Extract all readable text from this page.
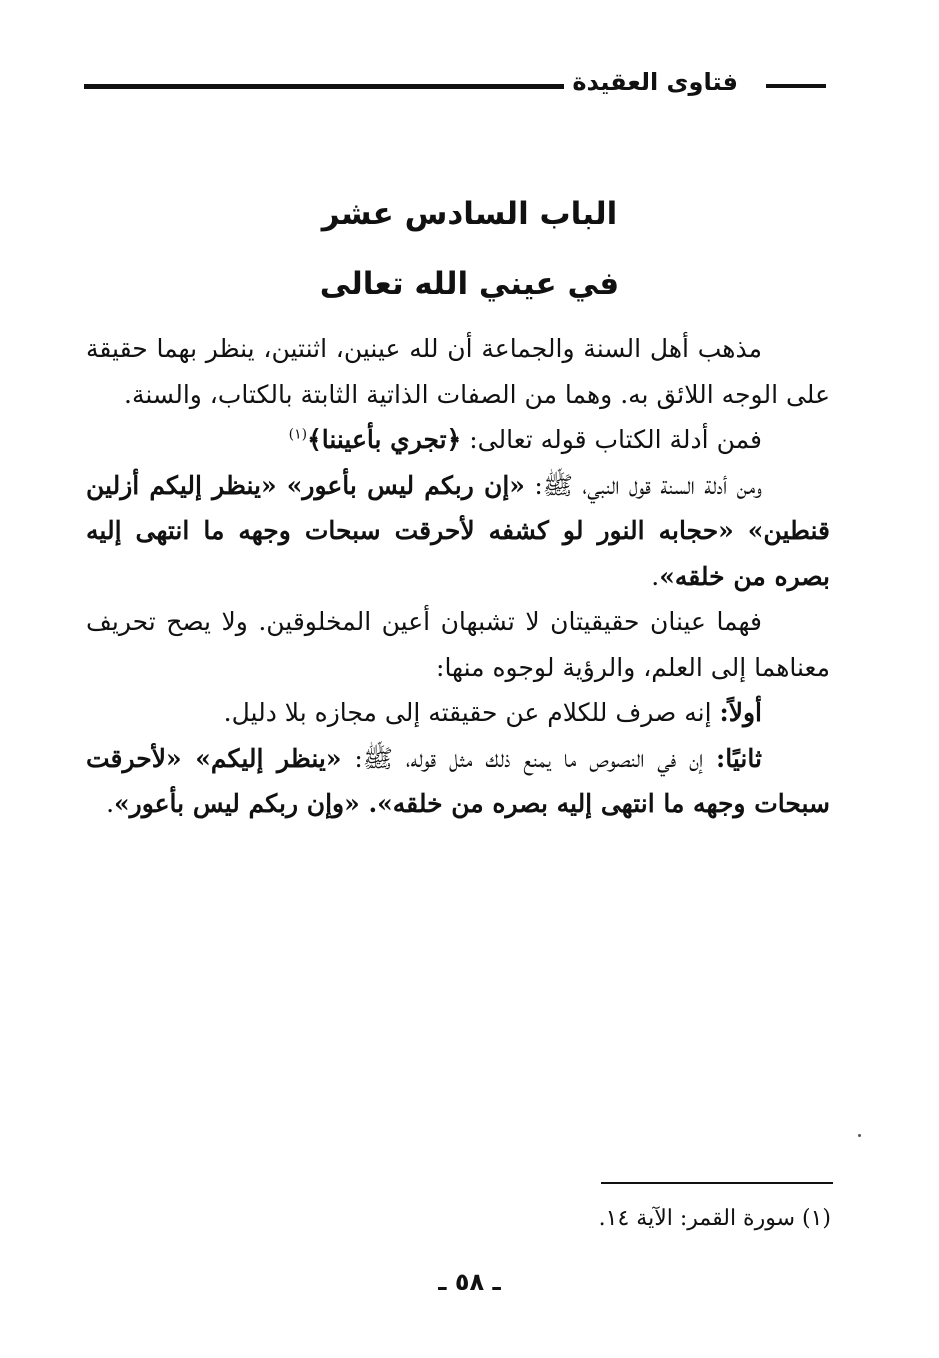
فتاوى العقيدة
الباب السادس عشر
في عيني الله تعالى

مذهب أهل السنة والجماعة أن لله عينين، اثنتين، ينظر بهما حقيقة على الوجه اللائق به. وهما من الصفات الذاتية الثابتة بالكتاب، والسنة.

فمن أدلة الكتاب قوله تعالى: ﴿تجري بأعيننا﴾$^{(١)}$

ومن أدلة السنة قول النبي، ﷺ: «إن ربكم ليس بأعور» «ينظر إليكم أزلين قنطين» «حجابه النور لو كشفه لأحرقت سبحات وجهه ما انتهى إليه بصره من خلقه».

فهما عينان حقيقيتان لا تشبهان أعين المخلوقين. ولا يصح تحريف معناهما إلى العلم، والرؤية لوجوه منها:

أولاً: إنه صرف للكلام عن حقيقته إلى مجازه بلا دليل.

ثانيًا: إن في النصوص ما يمنع ذلك مثل قوله، ﷺ: «ينظر إليكم» «لأحرقت سبحات وجهه ما انتهى إليه بصره من خلقه». «وإن ربكم ليس بأعور».

(١) سورة القمر: الآية ١٤.
ـ ٥٨ ـ
